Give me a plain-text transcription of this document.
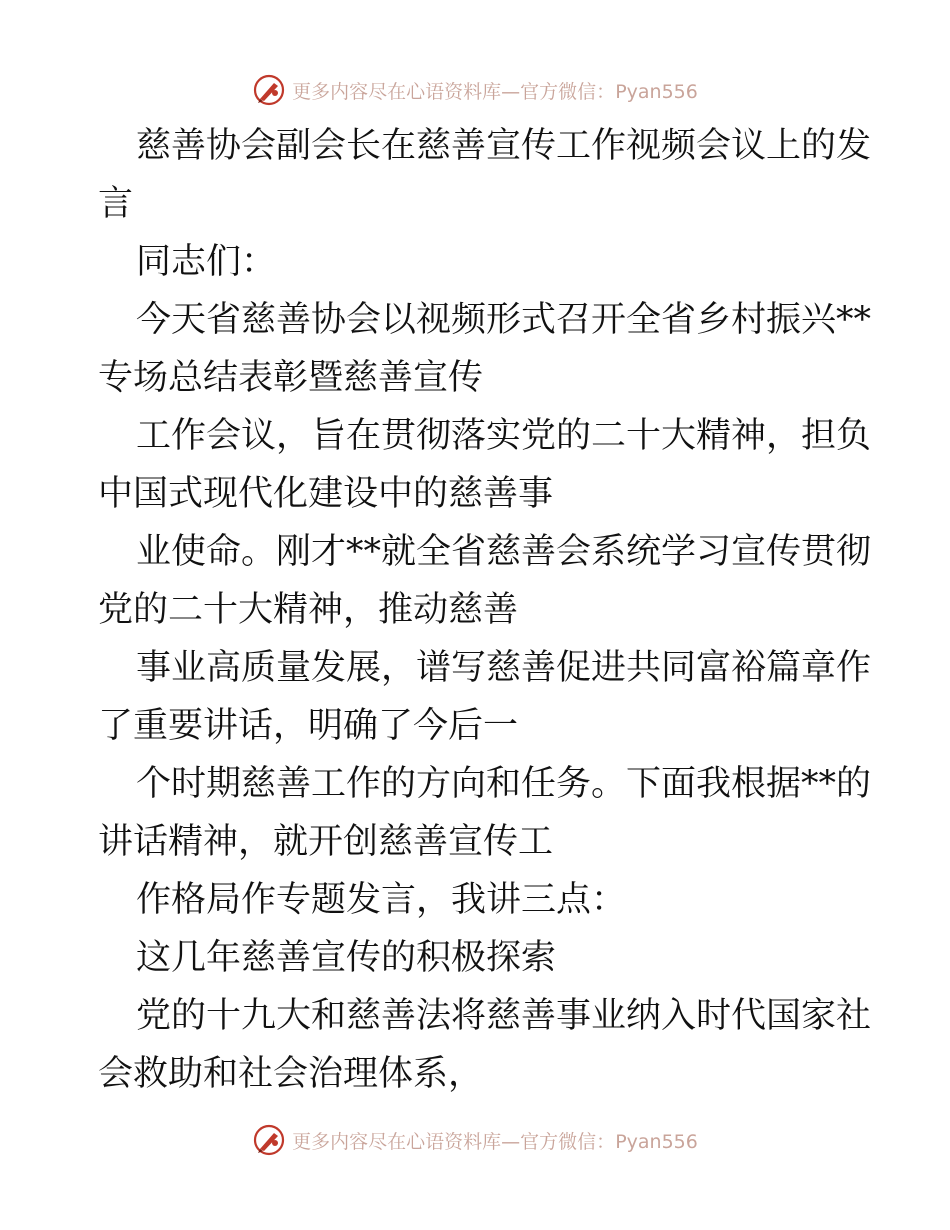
更多内容尽在心语资料库—官方微信：Pyan556
慈善协会副会长在慈善宣传工作视频会议上的发
言
同志们：
今天省慈善协会以视频形式召开全省乡村振兴**
专场总结表彰暨慈善宣传
工作会议，旨在贯彻落实党的二十大精神，担负
中国式现代化建设中的慈善事
业使命。刚才**就全省慈善会系统学习宣传贯彻
党的二十大精神，推动慈善
事业高质量发展，谱写慈善促进共同富裕篇章作
了重要讲话，明确了今后一
个时期慈善工作的方向和任务。下面我根据**的
讲话精神，就开创慈善宣传工
作格局作专题发言，我讲三点：
这几年慈善宣传的积极探索
党的十九大和慈善法将慈善事业纳入时代国家社
会救助和社会治理体系，
更多内容尽在心语资料库—官方微信：Pyan556
